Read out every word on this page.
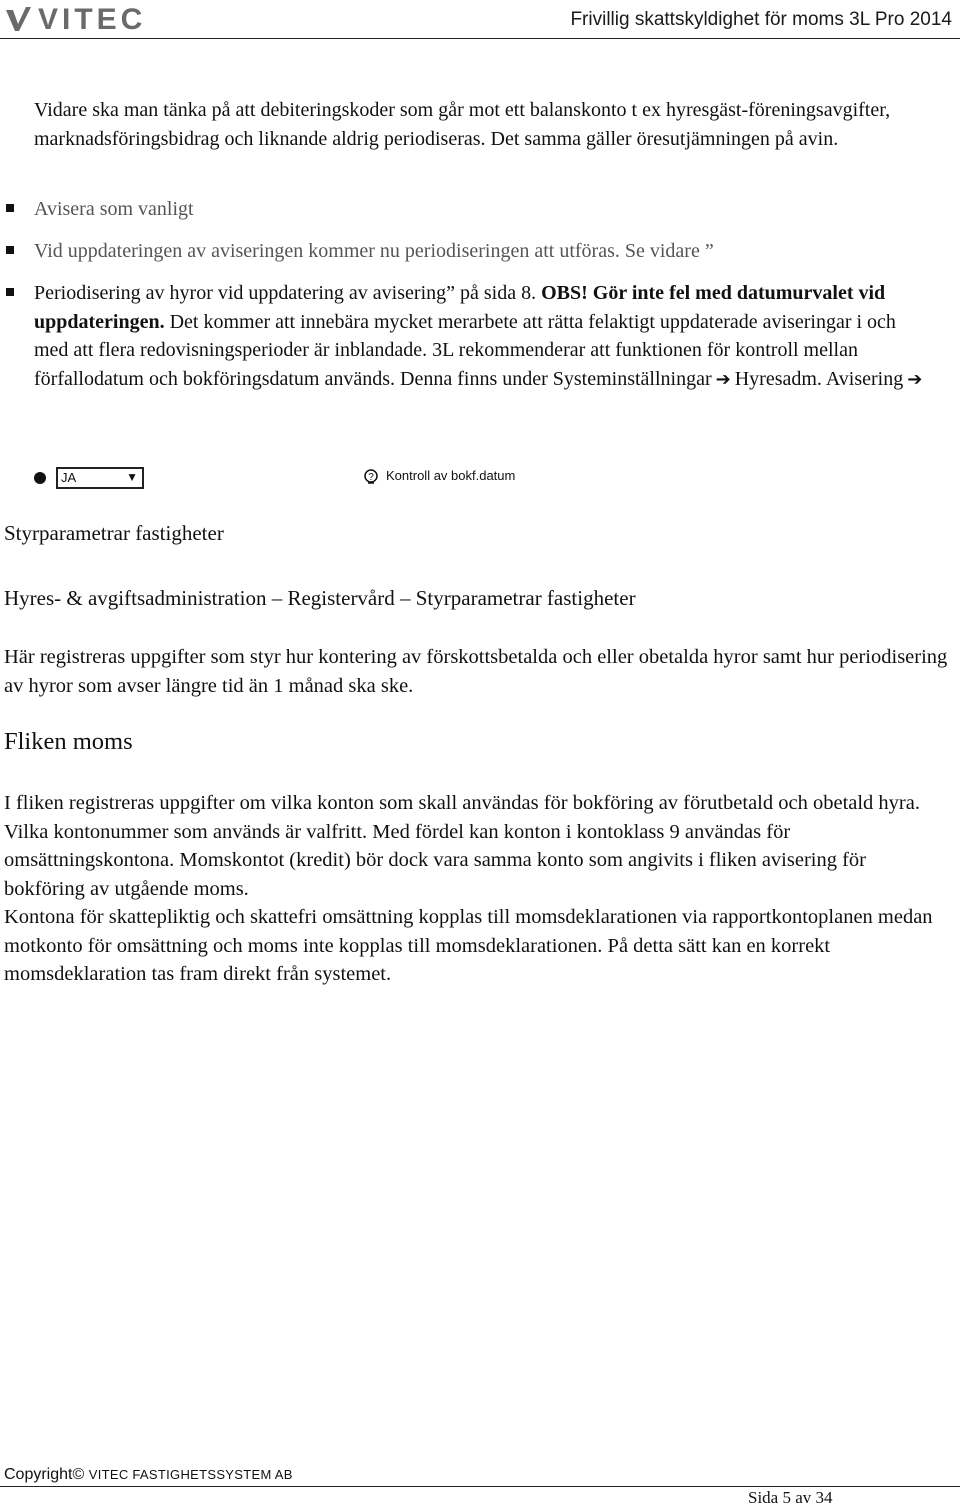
VITEC	Frivillig skattskyldighet för moms 3L Pro 2014
Vidare ska man tänka på att debiteringskoder som går mot ett balanskonto t ex hyresgäst-föreningsavgifter, marknadsföringsbidrag och liknande aldrig periodiseras. Det samma gäller öresutjämningen på avin.
Avisera som vanligt
Vid uppdateringen av aviseringen kommer nu periodiseringen att utföras. Se vidare ”
Periodisering av hyror vid uppdatering av avisering” på sida 8. OBS! Gör inte fel med datumurvalet vid uppdateringen. Det kommer att innebära mycket merarbete att rätta felaktigt uppdaterade aviseringar i och med att flera redovisningsperioder är inblandade. 3L rekommenderar att funktionen för kontroll mellan förfallodatum och bokföringsdatum används. Denna finns under Systeminställningar ➔ Hyresadm. Avisering ➔
JA	▼	? Kontroll av bokf.datum
Styrparametrar fastigheter
Hyres- & avgiftsadministration – Registervård – Styrparametrar fastigheter
Här registreras uppgifter som styr hur kontering av förskottsbetalda och eller obetalda hyror samt hur periodisering av hyror som avser längre tid än 1 månad ska ske.
Fliken moms
I fliken registreras uppgifter om vilka konton som skall användas för bokföring av förutbetald och obetald hyra. Vilka kontonummer som används är valfritt. Med fördel kan konton i kontoklass 9 användas för omsättningskontona. Momskontot (kredit) bör dock vara samma konto som angivits i fliken avisering för bokföring av utgående moms.
Kontona för skattepliktig och skattefri omsättning kopplas till momsdeklarationen via rapportkontoplanen medan motkonto för omsättning och moms inte kopplas till momsdeklarationen. På detta sätt kan en korrekt momsdeklaration tas fram direkt från systemet.
Copyright© VITEC FASTIGHETSSYSTEM AB
Sida 5 av 34
